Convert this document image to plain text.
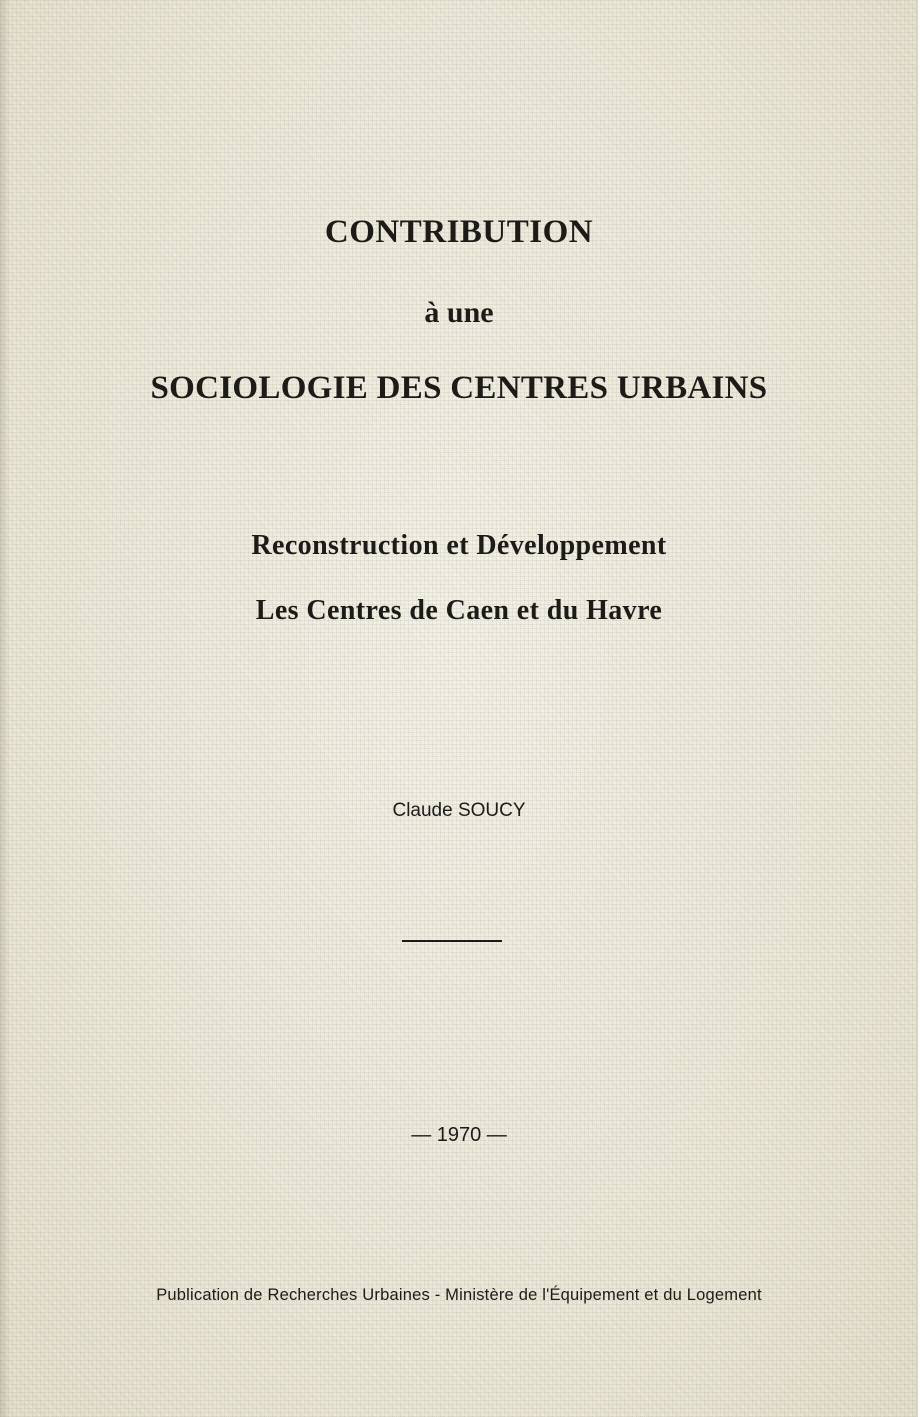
CONTRIBUTION
à une
SOCIOLOGIE DES CENTRES URBAINS
Reconstruction et Développement
Les Centres de Caen et du Havre
Claude SOUCY
— 1970 —
Publication de Recherches Urbaines - Ministère de l'Équipement et du Logement
